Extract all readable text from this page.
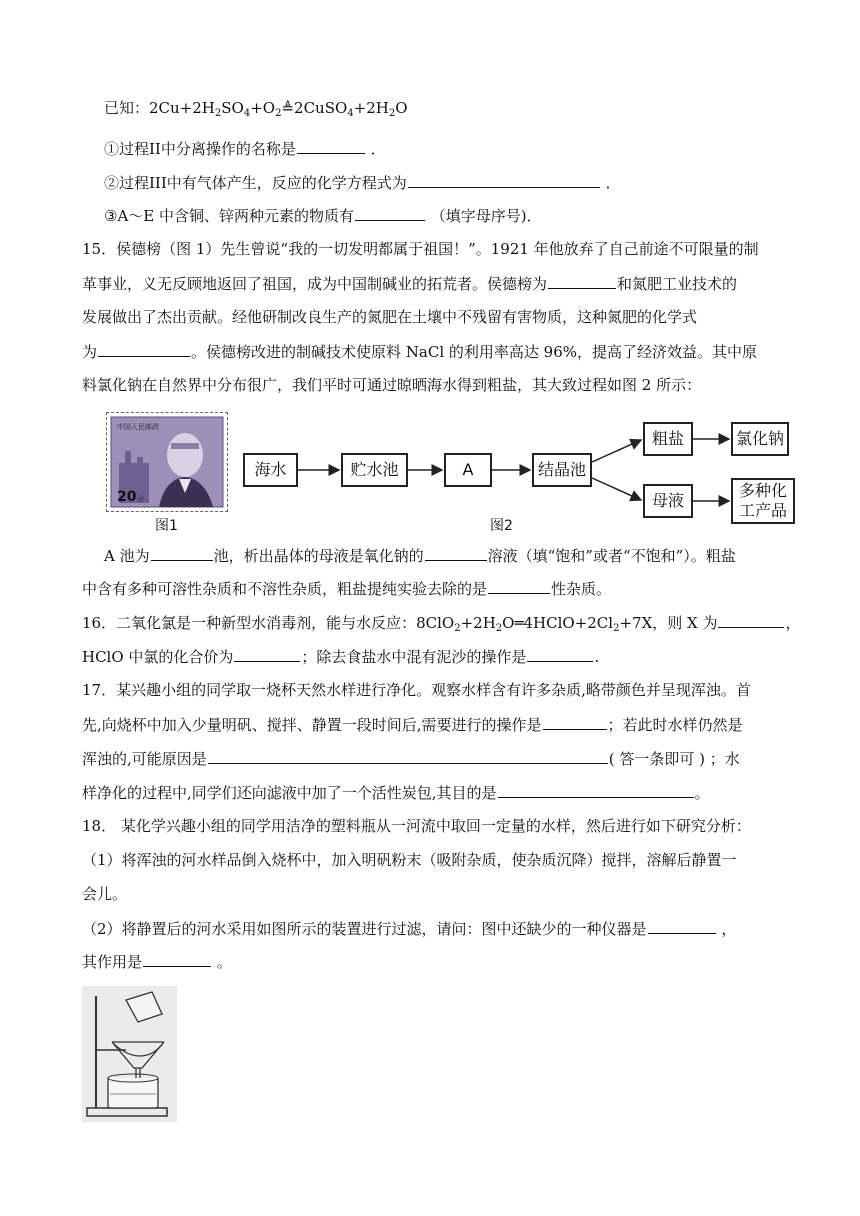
已知：$2Cu+2H_2SO_4+O_2≜2CuSO_4+2H_2O$
①过程II中分离操作的名称是	．
②过程III中有气体产生，反应的化学方程式为	．
③A～E 中含铜、锌两种元素的物质有	（填字母序号)．
15．侯德榜（图 1）先生曾说“我的一切发明都属于祖国！”。1921 年他放弃了自己前途不可限量的制
革事业，义无反顾地返回了祖国，成为中国制碱业的拓荒者。侯德榜为	和氮肥工业技术的
发展做出了杰出贡献。经他研制改良生产的氮肥在土壤中不残留有害物质，这种氮肥的化学式
为	。侯德榜改进的制碱技术使原料 NaCl 的利用率高达 96%，提高了经济效益。其中原
料氯化钠在自然界中分布很广，我们平时可通过晾晒海水得到粗盐，其大致过程如图 2 所示：
中国人民邮政
20 分
图1
海水	贮水池	A	结晶池
粗盐	氯化钠
母液
多种化工产品
图2
A 池为	池，析出晶体的母液是氧化钠的	溶液（填“饱和”或者“不饱和”）。粗盐
中含有多种可溶性杂质和不溶性杂质，粗盐提纯实验去除的是	性杂质。
16．二氧化氯是一种新型水消毒剂，能与水反应：$8ClO_2+2H_2O═4HClO+2Cl_2+7X$，则 X 为	，
HClO 中氯的化合价为	；除去食盐水中混有泥沙的操作是	.
17．某兴趣小组的同学取一烧杯天然水样进行净化。观察水样含有许多杂质,略带颜色并呈现浑浊。首
先,向烧杯中加入少量明矾、搅拌、静置一段时间后,需要进行的操作是	；若此时水样仍然是
浑浊的,可能原因是	( 答一条即可 ) ；水
样净化的过程中,同学们还向滤液中加了一个活性炭包,其目的是	。
18． 某化学兴趣小组的同学用洁净的塑料瓶从一河流中取回一定量的水样，然后进行如下研究分析：
（1）将浑浊的河水样品倒入烧杯中，加入明矾粉末（吸附杂质，使杂质沉降）搅拌，溶解后静置一
会儿。
（2）将静置后的河水采用如图所示的装置进行过滤，请问：图中还缺少的一种仪器是	，
其作用是	。
